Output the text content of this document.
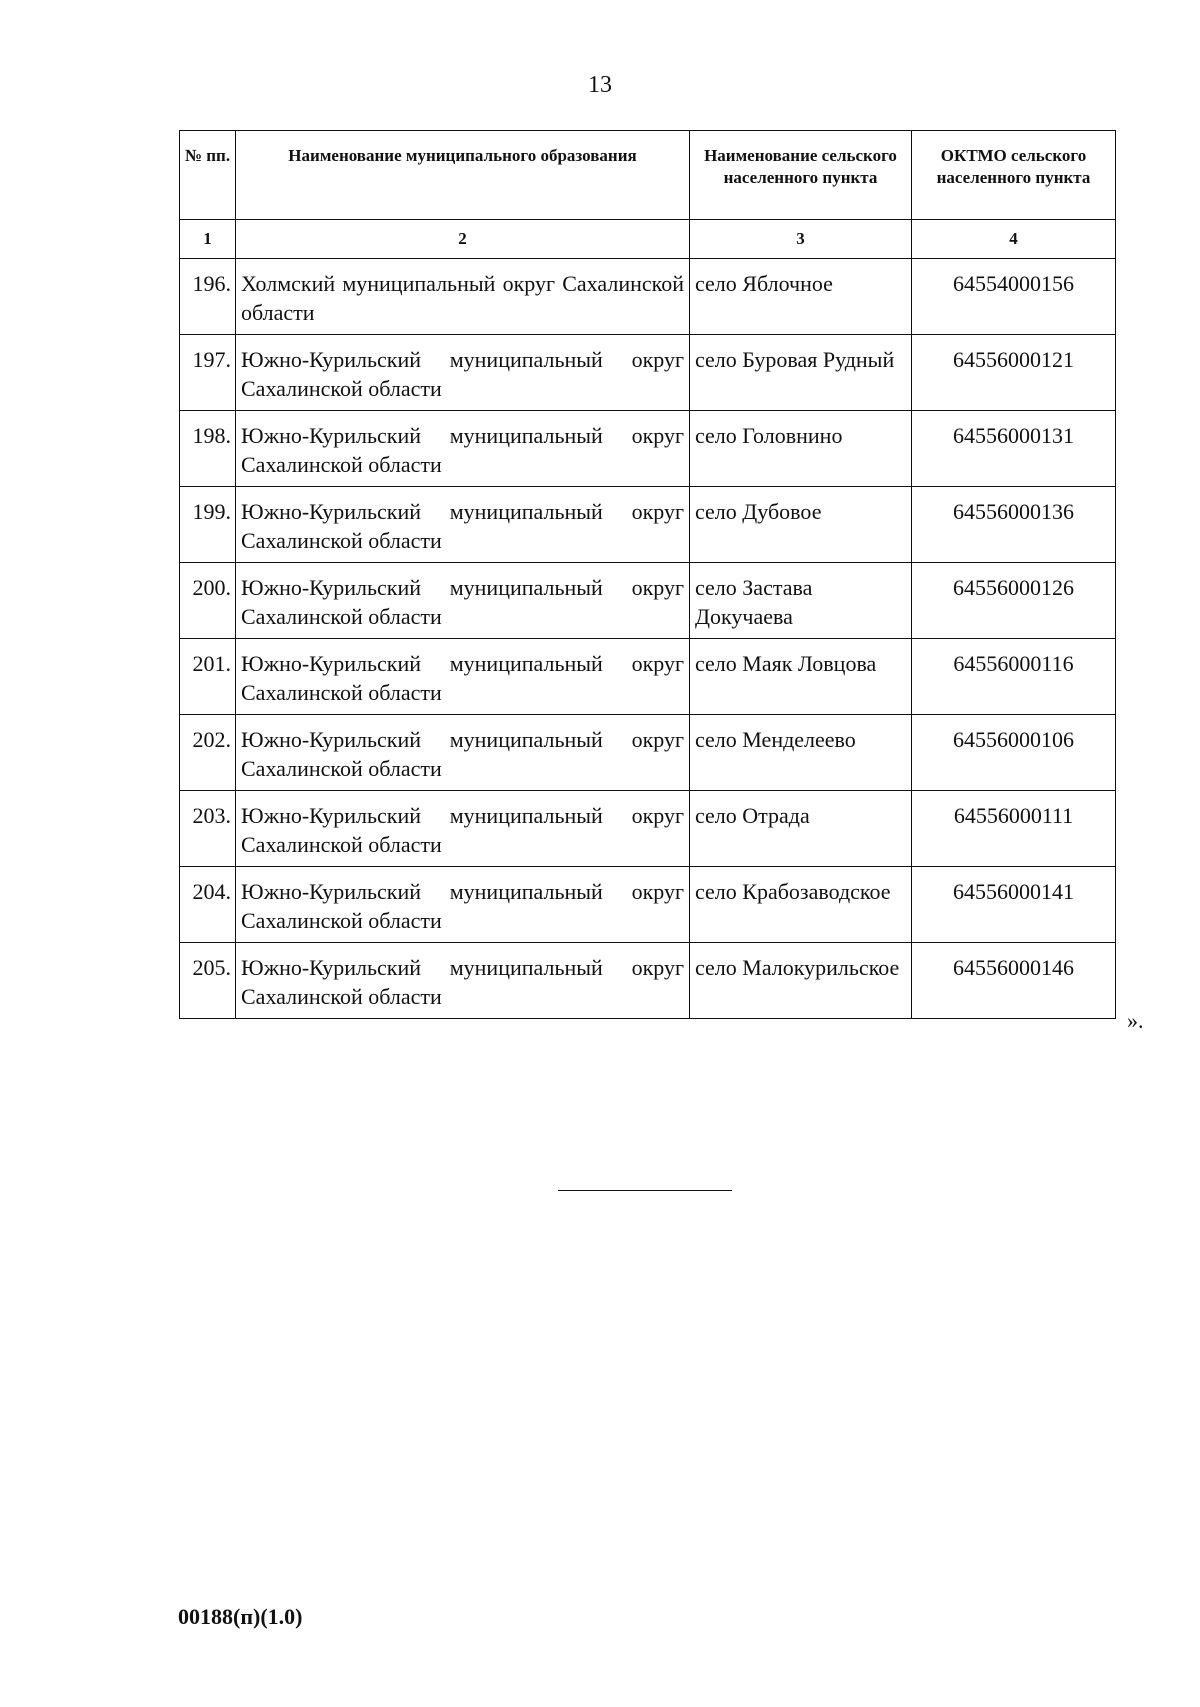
13
№ пп.	Наименование муниципального образования	Наименование сельского населенного пункта	ОКТМО сельского населенного пункта
1	2	3	4
196.	Холмский муниципальный округ Сахалинской области	село Яблочное	64554000156
197.	Южно-Курильский муниципальный округ Сахалинской области	село Буровая Рудный	64556000121
198.	Южно-Курильский муниципальный округ Сахалинской области	село Головнино	64556000131
199.	Южно-Курильский муниципальный округ Сахалинской области	село Дубовое	64556000136
200.	Южно-Курильский муниципальный округ Сахалинской области	село Застава Докучаева	64556000126
201.	Южно-Курильский муниципальный округ Сахалинской области	село Маяк Ловцова	64556000116
202.	Южно-Курильский муниципальный округ Сахалинской области	село Менделеево	64556000106
203.	Южно-Курильский муниципальный округ Сахалинской области	село Отрада	64556000111
204.	Южно-Курильский муниципальный округ Сахалинской области	село Крабозаводское	64556000141
205.	Южно-Курильский муниципальный округ Сахалинской области	село Малокурильское	64556000146
».
00188(п)(1.0)
